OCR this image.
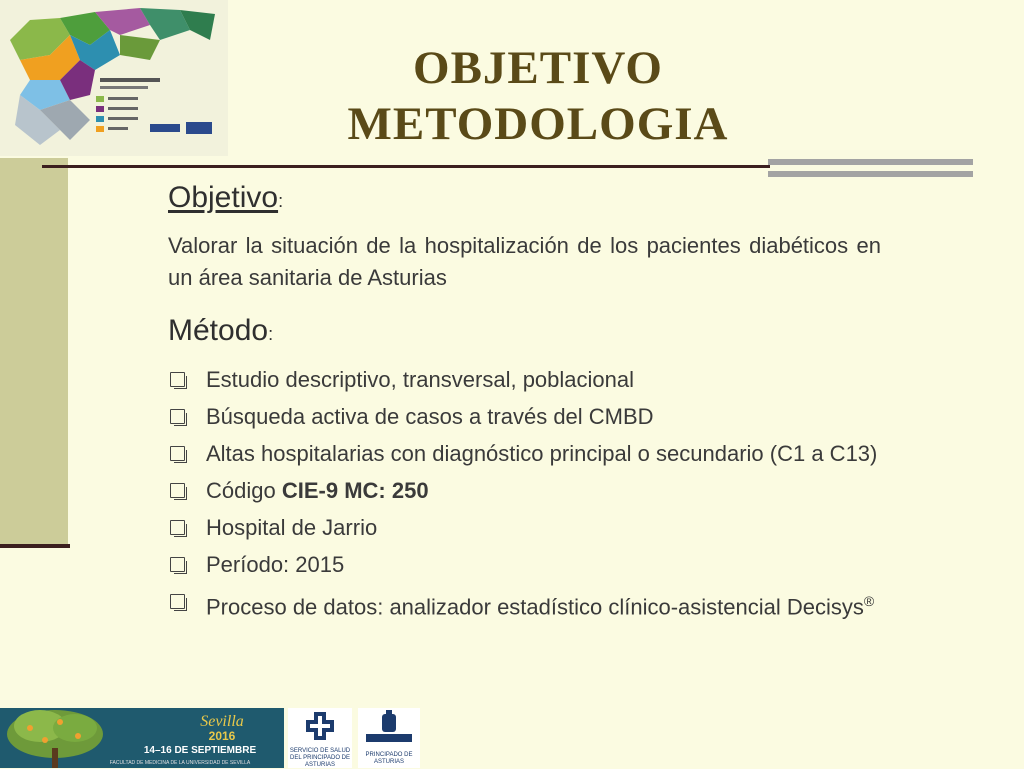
OBJETIVO
METODOLOGIA
Objetivo:
Valorar la situación de la hospitalización de los pacientes diabéticos en un área sanitaria de Asturias
Método:
Estudio descriptivo, transversal, poblacional
Búsqueda activa de casos a través del CMBD
Altas hospitalarias con diagnóstico principal o secundario (C1 a C13)
Código CIE-9 MC: 250
Hospital de Jarrio
Período: 2015
Proceso de datos: analizador estadístico clínico-asistencial Decisys®
Sevilla
2016
14–16 DE SEPTIEMBRE
FACULTAD DE MEDICINA DE LA UNIVERSIDAD DE SEVILLA
SERVICIO DE SALUD
DEL PRINCIPADO DE ASTURIAS
GOBIERNO DEL
PRINCIPADO DE ASTURIAS
